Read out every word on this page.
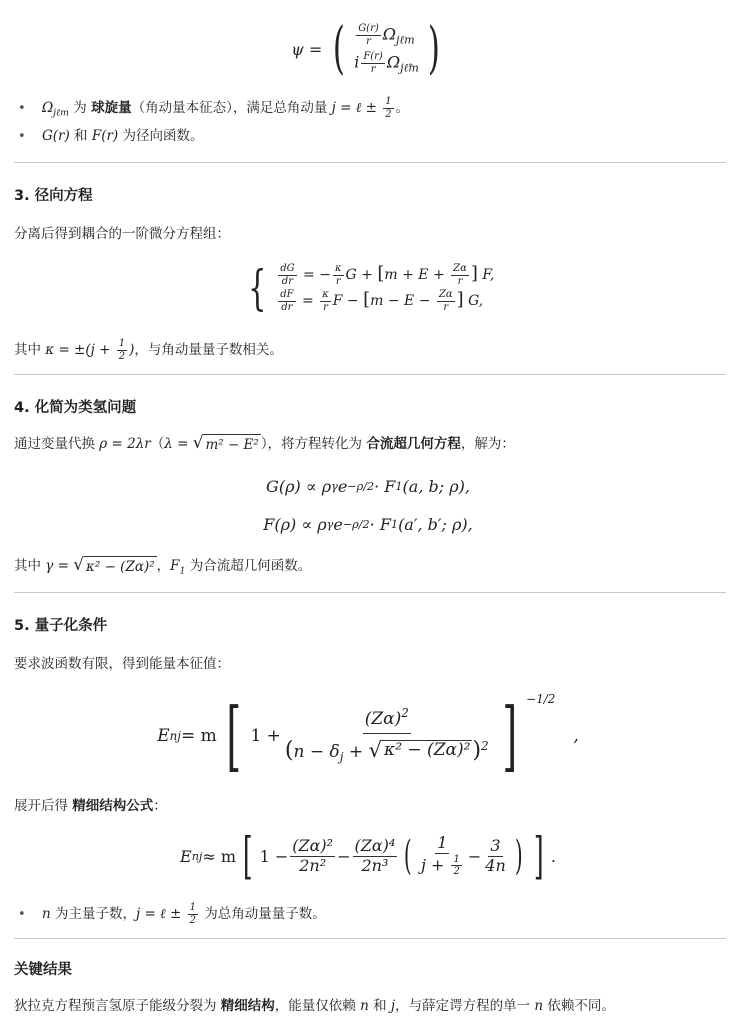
ψ = ( $\frac{G(r)}{r} \Omega_{j\ell m}$
i $\frac{F(r)}{r} \Omega_{j\ell̃m}$ )
• $\Omega_{j\ell m}$ 为 球旋量（角动量本征态），满足总角动量 j = ℓ ± $\frac{1}{2}$ 。
• G(r) 和 F(r) 为径向函数。
3. 径向方程
分离后得到耦合的一阶微分方程组：
{ $\frac{dG}{dr}$ = − $\frac{\kappa}{r}$ $G + [m + E + \frac{Z\alpha}{r}$ ] F,
$\frac{dF}{dr} = \frac{\kappa}{r}$ $F - [m - E - \frac{Z\alpha}{r}$ ] G,
其中 $\kappa = \pm(j + \frac{1}{2}$ )，与角动量量子数相关。
4. 化简为类氢问题
通过变量代换 ρ = 2λr（λ = √ m² − E² ），将方程转化为 合流超几何方程，解为：
G(ρ) ∝ ρ γ e −ρ/2 · F 1 (a, b; ρ),
F(ρ) ∝ ρ γ e −ρ/2 · F 1 (a′, b′; ρ),
其中 γ = √ κ² − (Zα)² ，$F_1$ 为合流超几何函数。
5. 量子化条件
要求波函数有限，得到能量本征值：
E nj = m [ $1 + \frac{(Z\alpha)^2}{(n - \delta_j + √ \kappa^2 - (Z\alpha)^2 )^2}$ ] −1/2
,
展开后得 精细结构公式：
E nj ≈ m [ $1 - \frac{\text{(Zα)²}}{\text{2n²}} - \frac{\text{(Zα)⁴}}{\text{2n³}}$ ( $\frac{1}{j + \frac{1}{2}} - \frac{3}{4n}$ ) ] .
• n 为主量子数，j = ℓ ± $\frac{1}{2}$ 为总角动量量子数。
关键结果
狄拉克方程预言氢原子能级分裂为 精细结构，能量仅依赖 n 和 j，与薛定谔方程的单一 n 依赖不同。
